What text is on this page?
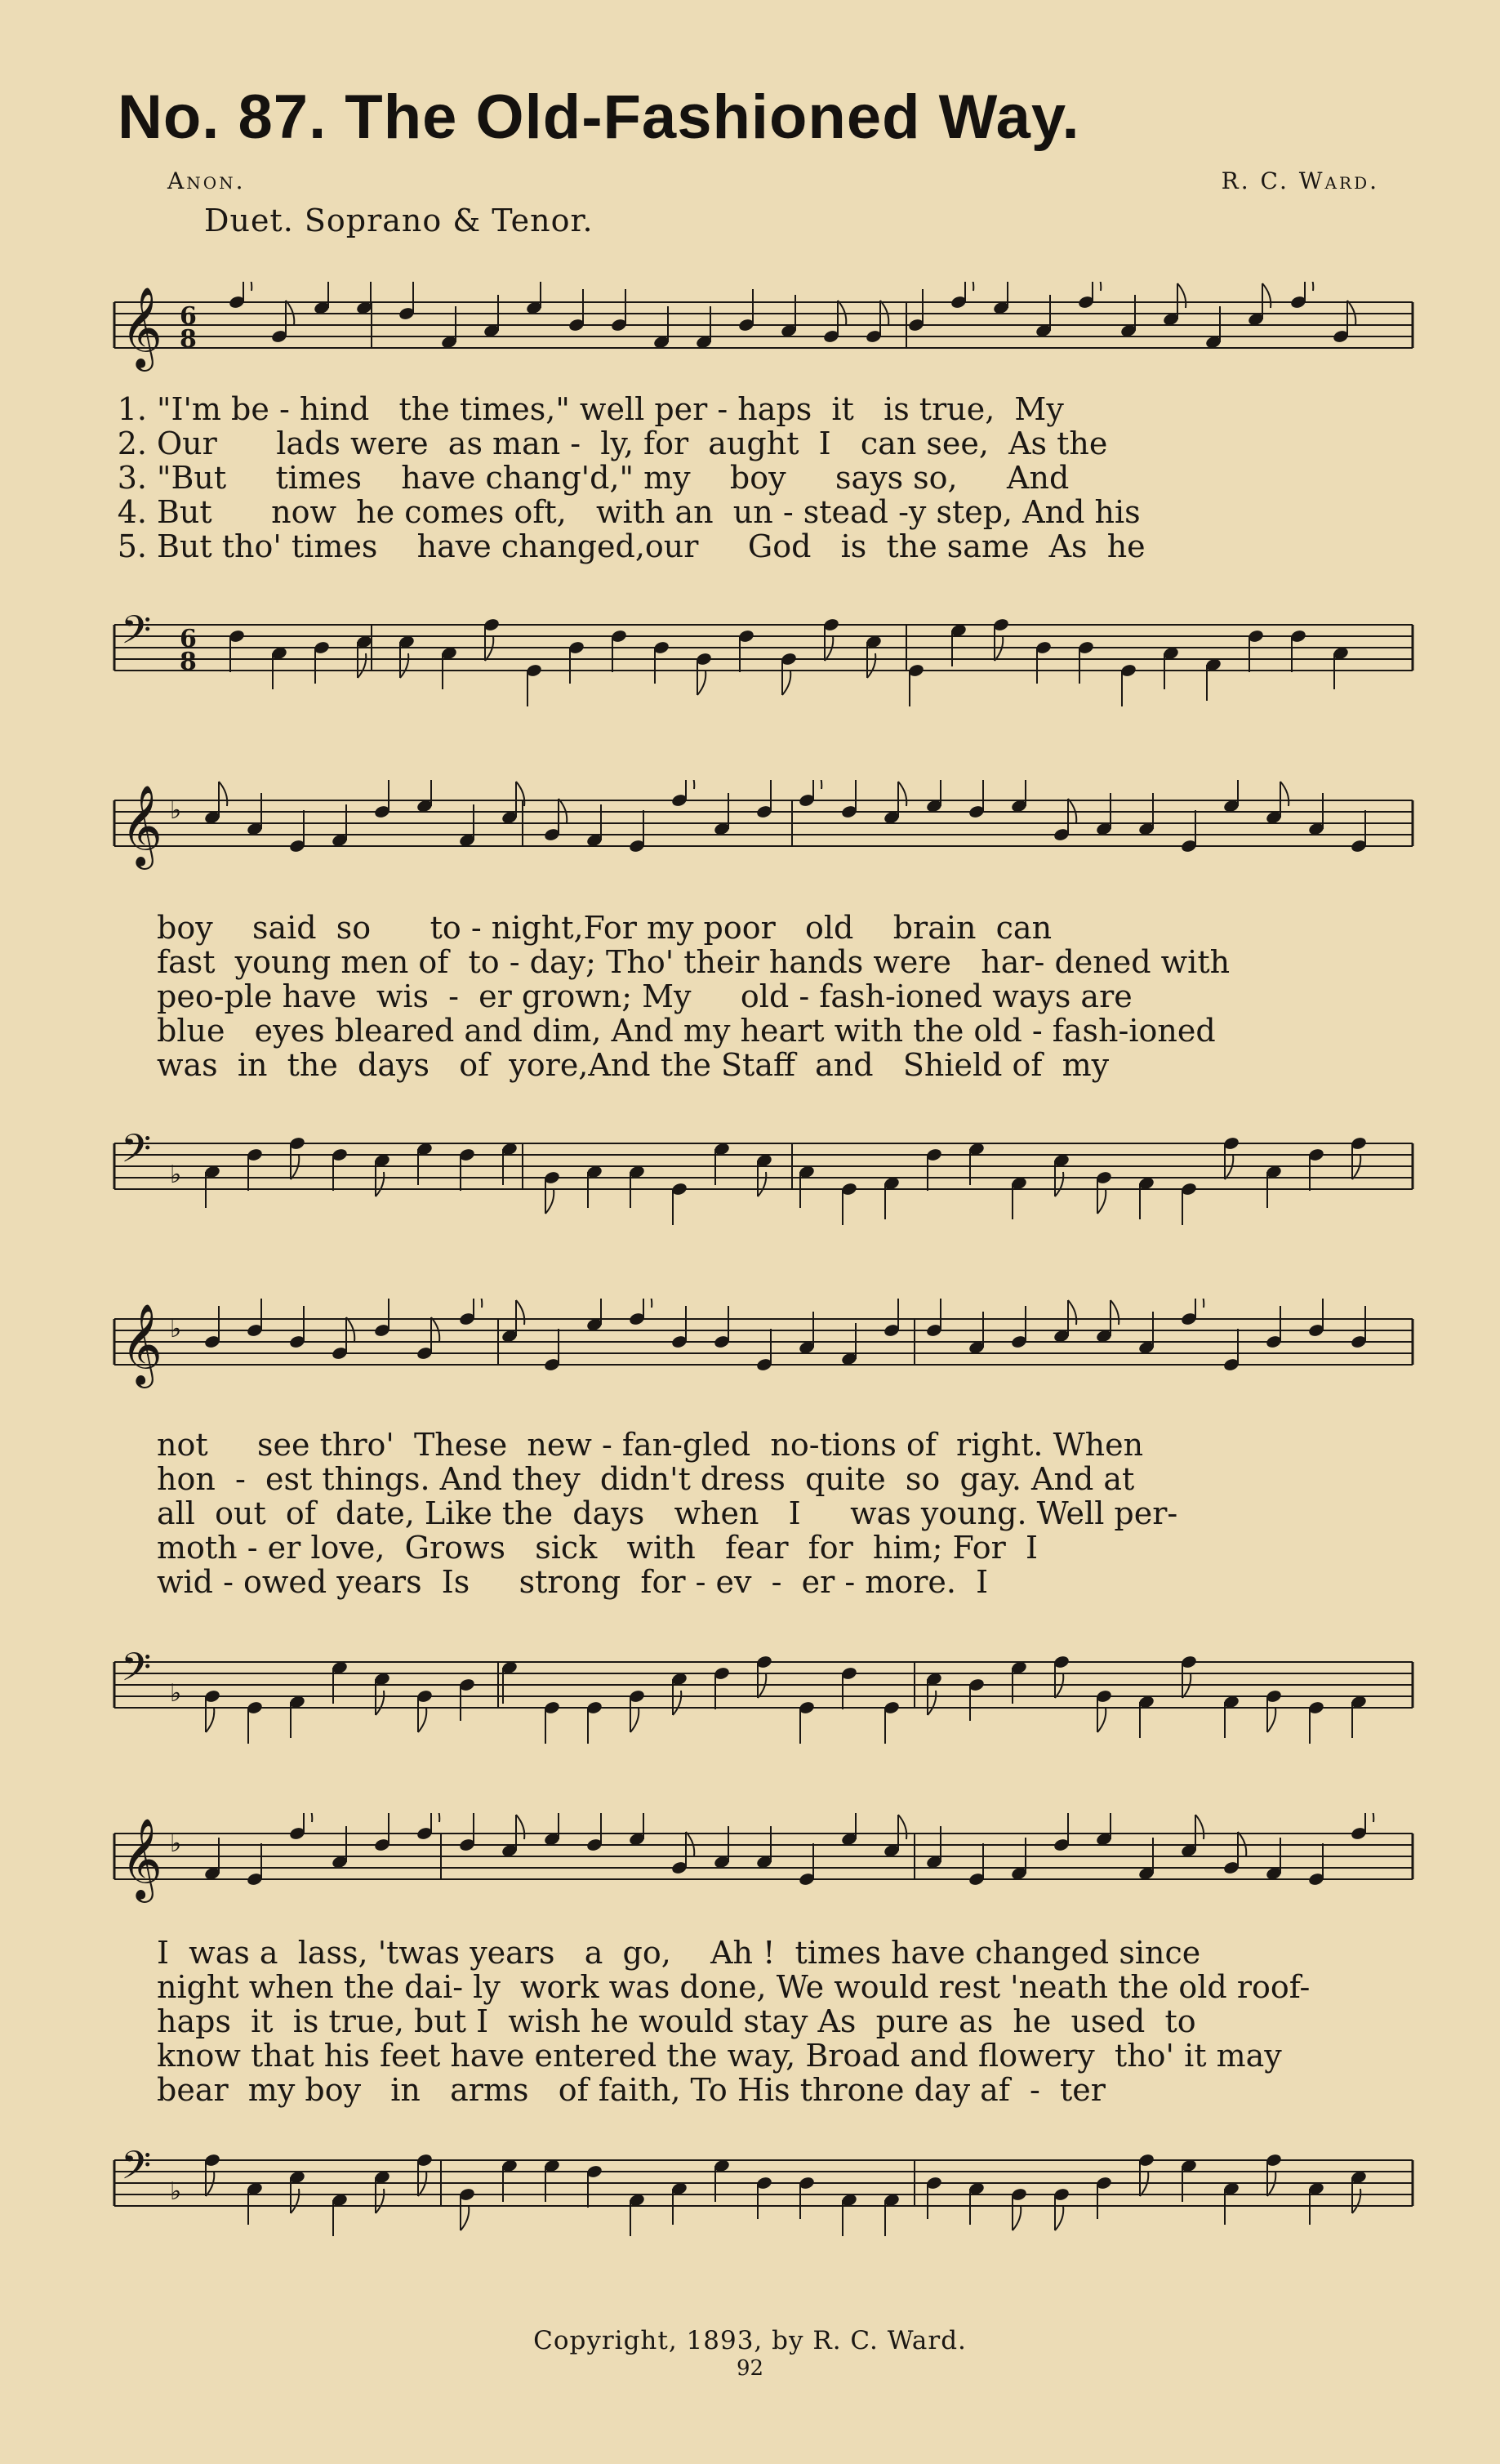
No. 87. The Old-Fashioned Way.
Anon.	R. C. Ward.
Duet. Soprano & Tenor.
𝄞 6
8
1. "I'm be - hind   the times," well per - haps  it   is true,  My
2. Our      lads were  as man -  ly, for  aught  I   can see,  As the
3. "But     times    have chang'd," my    boy     says so,     And
4. But      now  he comes oft,   with an  un - stead -y step, And his
5. But tho' times    have changed,our     God   is  the same  As  he
𝄢 6
8
𝄞 ♭
boy    said  so      to - night,For my poor   old    brain  can
fast  young men of  to - day; Tho' their hands were   har- dened with
peo-ple have  wis  -  er grown; My     old - fash-ioned ways are
blue   eyes bleared and dim, And my heart with the old - fash-ioned
was  in  the  days   of  yore,And the Staff  and   Shield of  my
𝄢 ♭
𝄞 ♭
not     see thro'  These  new - fan-gled  no-tions of  right. When
hon  -  est things. And they  didn't dress  quite  so  gay. And at
all  out  of  date, Like the  days   when   I     was young. Well per-
moth - er love,  Grows   sick   with   fear  for  him; For  I
wid - owed years  Is     strong  for - ev  -  er - more.  I
𝄢 ♭
𝄞 ♭
I  was a  lass, 'twas years   a  go,    Ah !  times have changed since
night when the dai- ly  work was done, We would rest 'neath the old roof-
haps  it  is true, but I  wish he would stay As  pure as  he  used  to
know that his feet have entered the way, Broad and flowery  tho' it may
bear  my boy   in   arms   of faith, To His throne day af  -  ter
𝄢 ♭
Copyright, 1893, by R. C. Ward.
92
